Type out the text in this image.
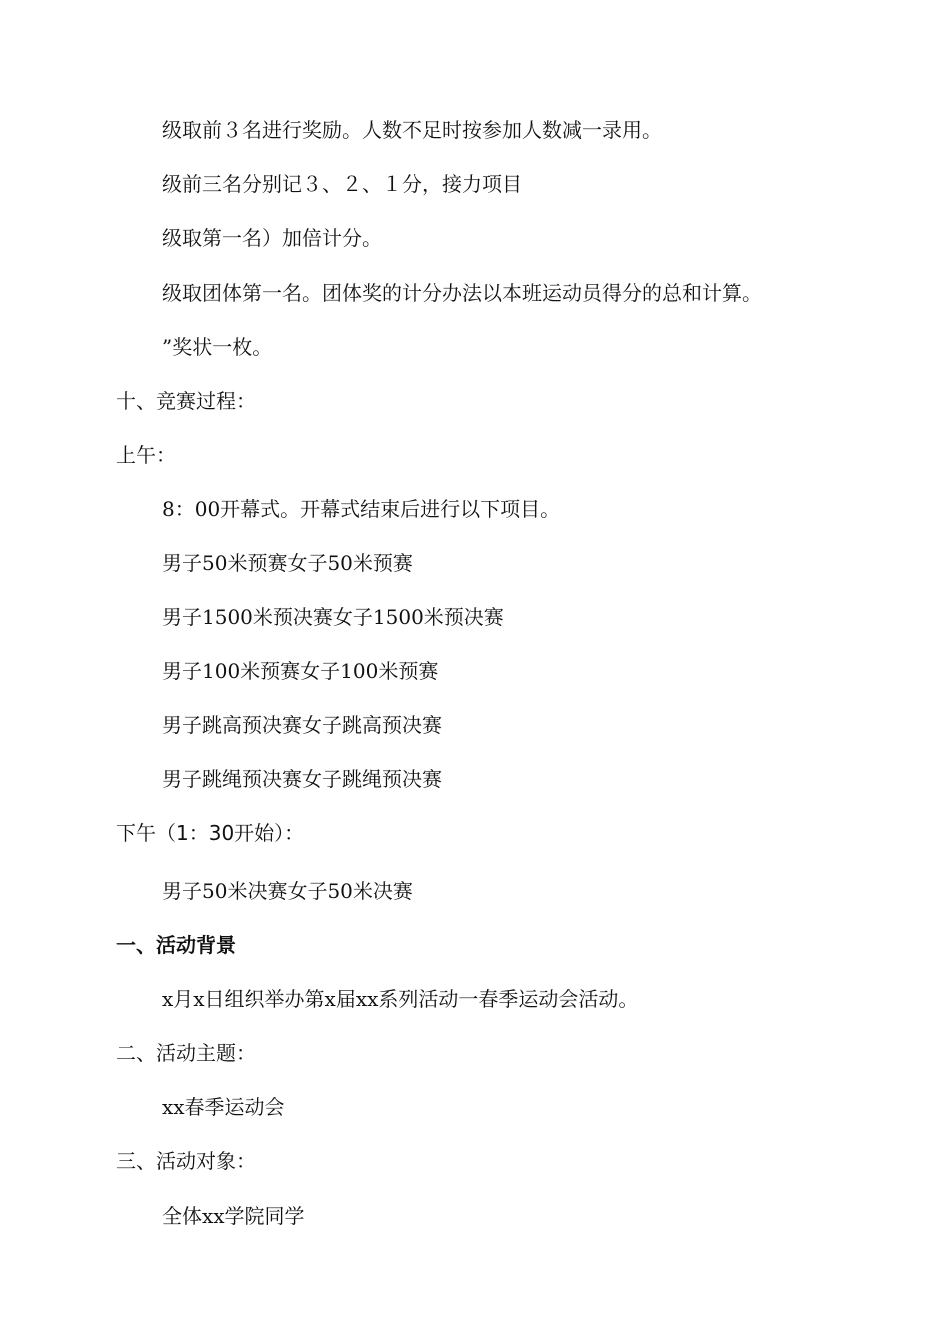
级取前３名进行奖励。人数不足时按参加人数减一录用。
级前三名分别记３、２、１分，接力项目
级取第一名）加倍计分。
级取团体第一名。团体奖的计分办法以本班运动员得分的总和计算。
”奖状一枚。
十、竞赛过程：
上午：
8：00开幕式。开幕式结束后进行以下项目。
男子50米预赛女子50米预赛
男子1500米预决赛女子1500米预决赛
男子100米预赛女子100米预赛
男子跳高预决赛女子跳高预决赛
男子跳绳预决赛女子跳绳预决赛
下午（1：30开始）：
男子50米决赛女子50米决赛
一、活动背景
x月x日组织举办第x届xx系列活动一春季运动会活动。
二、活动主题：
xx春季运动会
三、活动对象：
全体xx学院同学
